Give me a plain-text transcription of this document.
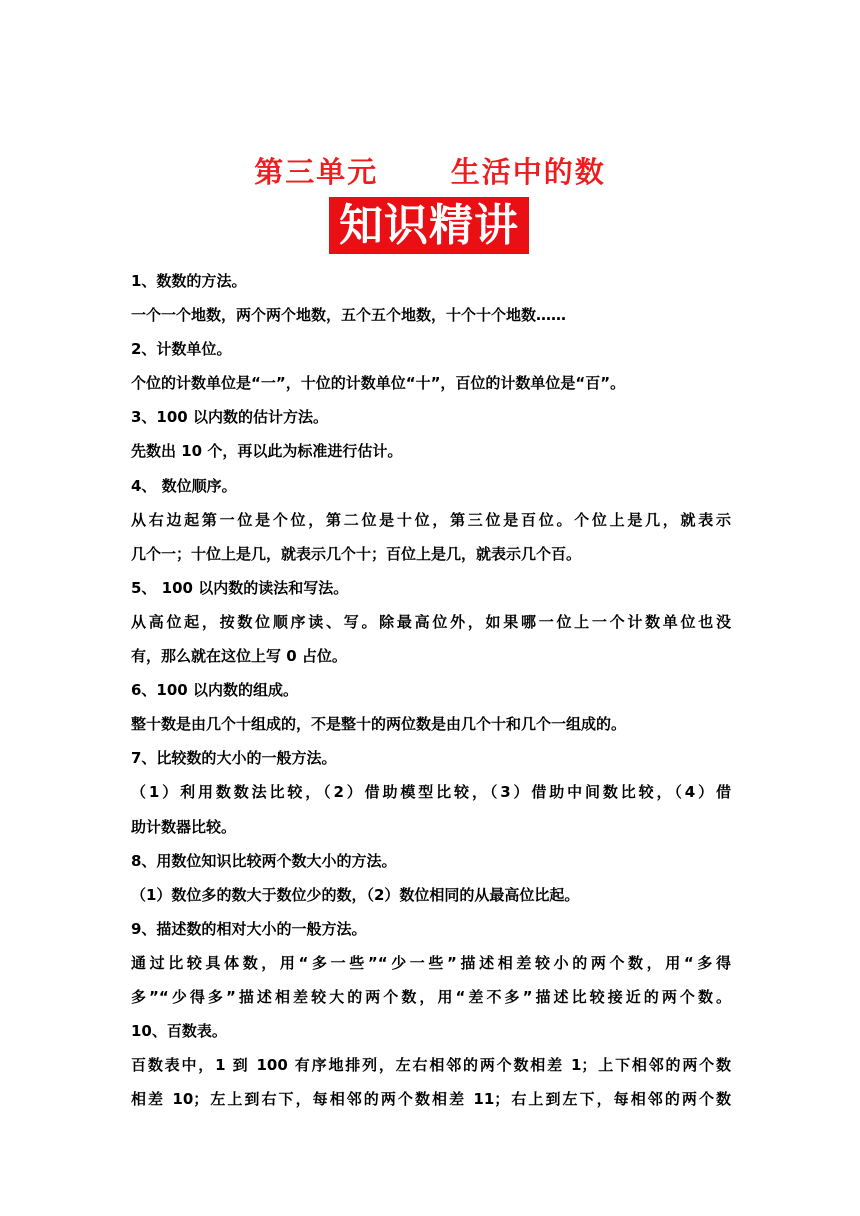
第三单元      生活中的数
知识精讲
1、数数的方法。
一个一个地数，两个两个地数，五个五个地数，十个十个地数……
2、计数单位。
个位的计数单位是“一”，十位的计数单位“十”，百位的计数单位是“百”。
3、100 以内数的估计方法。
先数出 10 个，再以此为标准进行估计。
4、 数位顺序。
从右边起第一位是个位，第二位是十位，第三位是百位。个位上是几，就表示
几个一；十位上是几，就表示几个十；百位上是几，就表示几个百。
5、 100 以内数的读法和写法。
从高位起，按数位顺序读、写。除最高位外，如果哪一位上一个计数单位也没
有，那么就在这位上写 0 占位。
6、100 以内数的组成。
整十数是由几个十组成的，不是整十的两位数是由几个十和几个一组成的。
7、比较数的大小的一般方法。
（1）利用数数法比较，（2）借助模型比较，（3）借助中间数比较，（4）借
助计数器比较。
8、用数位知识比较两个数大小的方法。
（1）数位多的数大于数位少的数，（2）数位相同的从最高位比起。
9、描述数的相对大小的一般方法。
通过比较具体数，用“多一些”“少一些”描述相差较小的两个数，用“多得
多”“少得多”描述相差较大的两个数，用“差不多”描述比较接近的两个数。
10、百数表。
百数表中，1 到 100 有序地排列，左右相邻的两个数相差 1；上下相邻的两个数
相差 10；左上到右下，每相邻的两个数相差 11；右上到左下，每相邻的两个数
